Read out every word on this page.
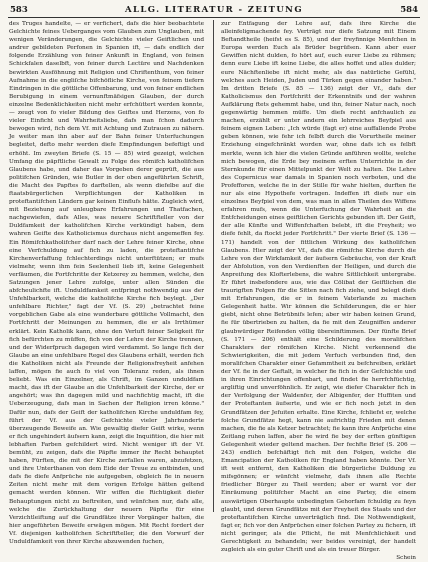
583	ALLG. LITERATUR - ZEITUNG	584

des Truges handelte, — er verfichert, dafs die hier beobachtete Gelchichte feines Ueberganges vom Glauben zum Unglauben, mit wenigen Veränderungen, die Gelchichte vieler Geiftlichen und andrer gebildeten Perfonen in Spanien ift, — dafs endlich der folgende Erzählung von feiner Ankunft in England, von feinen Schickfalen daselbft, von feiner durch Lectüre und Nachdenken bewirkten Ausföhnung mit Religion und Chriftenthum, von feiner Aufnahme in die engliſche bifchöfliche Kirche, von feinem tiefern Eindringen in die göttliche Offenbarung, und von feiner endlichen Berubigung in einem vernunftmäfsigen Glauben, der durch einzelne Bedenklichkeiten nicht mehr erfchüttert werden konnte, — zeugt von fo vieler Bildung des Geiftes und Herzens, von fo vieler Einficht und Wahrheitsliebe, dafs man fchon dadurch bewogen wird, fich dem Vf. mit Achtung und Zutrauen zu nähern. Je weiter man ihn aber auf der Bahn feiner Unterfuchungen begleitet, defto mehr werden diefe Empfindungen befeftigt und erhöht. Im zweyten Briefe (S. 15 — 85) wird gezeigt, welchen Umfang die päpftliche Gewalt zu Folge des römifch katholifchen Glaubens habe, und daher das Vorgeben derer geprüft, die aus politifchen Gründen, wie Butler in der oben angeführten Schrift, die Macht des Papftes fo darftellen, als wenn diefelbe auf die ftaatsbürgerlichen Verpflichtungen der Katholiken in proteftantifchen Ländern gar keinen Einflufs hätte. Zugleich wird, mit Beziehung auf unleugbare Erfahrungen und Thatfachen, nachgewiefen, dafs Alles, was neuere Schriftfteller von der Duldfamkeit der katholifchen Kirche verkündigt haben, dem wahren Geifte des Katholicismus durchaus nicht angemeffen fey. Ein Römifchkatholifcher darf nach der Lehre feiner Kirche, ohne eine Verfchuldung auf fich zu laden, die proteftantifche Kirchenverfaffung fchlechterdings nicht unterftützen; er mufs vielmehr, wenn ihm fein Seelenheil lieb ift, keine Gelegenheit verfäumen, die Fortfchritte der Ketzerey zu hemmen, welche, den Satzungen jener Lehre zufolge, unter allen Sünden die abfcheulichfte ift. Unduldfamkeit entfpringt nothwendig aus der Unfehlbarkeit, welche die katholifche Kirche fich beylegt. „Der unfehlbare Richter," fagt der Vf. (S. 29) „betrachtet feine vorgeblichen Gabe als eine wunderbare göttliche Vollmacht, den Fortfchritt der Meinungen zu hemmen, die er als Irrthümer erklärt. Kein Katholik kann, ohne den Verluft feiner Seligkeit für fich befürchten zu müffen, fich von der Lehre der Kirche trennen, und der Widerfpruch dagegen wird verdammt. So lange fich der Glaube an eine unfehlbare Regel des Glaubens erhält, werden fich die Katholiken nicht als Freunde der Religionsfreyheit anfehen laffen, mögen fie auch fo viel von Toleranz reden, als ihnen beliebt. Was ein Einzelner, als Chrift, im Ganzen unduldfam macht, das ift der Glaube an die Unfehlbarkeit der Kirche, der er angehört; was ihn dagegen mild und nachfichtig macht, ift die Ueberzeugung, dafs man in Sachen der Religion irren könne." Dafür nun, dafs der Geift der katholifchen Kirche unduldfam fey, führt der Vf. aus der Gefchichte vieler Jahrhunderte überzeugende Beweife an. Wie gewaltig diefer Geift wirke, wenn er fich ungehindert äufsern kann, zeigt die Inquifition, die hier mit lebhaften Farben gefchildert wird. Nicht weniger ift der Vf. bemüht, zu zeigen, dafs die Päpfte immer ihr Recht behauptet haben, Fürften, die mit der Kirche zerfallen waren, abzufetzen, und ihre Unterthanen von dem Eide der Treue zu entbinden, und dafs fie diefe Anfprüche nie aufgegeben, obgleich fie in neuern Zeiten nicht mehr mit dem vorigen Erfolge hätten geltend gemacht werden können. Wir wiffen die Richtigkeit diefer Behauptungen nicht zu beftreiten, und wünfchen nur, dafs alle, welche die Zurückhaltung der neuern Päpfte für eine Verzichtleiftung auf die Grundfätze ihrer Vorgänger halten, die hier angeführten Beweife erwägen mögen. Mit Recht fordert der Vf. diejenigen katholifchen Schriftfteller, die den Vorwurf der Unduldfamkeit von ihrer Kirche abzuwenden fuchen,

zur Entfagung der Lehre auf, dafs ihre Kirche die alleinfeligmachende fey. Verträgt nur diefe Satzung mit Einem Beftandtheile (heifst es S. 85), und der freyfinnige Menfchen in Europa werden Euch als Brüder begrüfsen. Kann aber euer Gewiffen nicht dulden, fo hört auf, euch eurer Liebe zu rühmen; denn eure Liebe ift keine Liebe, die alles hoffet und alles dulder; eure Nächftenliebe ift nicht mehr, als das natürliche Gefühl, welches auch Heiden, Juden und Türken gegen einander haben." Im dritten Briefe (S. 85 — 136) zeigt der Vf., dafs der Katholicismus den Fortfchritt der Erkenntnifs und der wahren Aufklärung ftets gehemmt habe, und ihn, feiner Natur nach, noch gegenwärtig hemmen müffe. Um diefs recht anfchaulich zu machen, erzählt er unter andern ein lehrreiches Beyfpiel aus feinem eignen Leben: „Ich würde (fagt er) eine auffallende Probe geben können, wie fehr ich felbft durch die Vorurtheile meiner Erziehung eingefchränkt worden war, ohne dafs ich es felbft merkte, wenn ich hier die vielen Gründe anführen wollte, welche mich bewogen, die Erde bey meinem erften Unterrichte in der Sternkunde für einen Mittelpunkt der Welt zu halten. Die Lehre des Copernicus war damals in Spanien noch verboten, und die Profefforen, welche fie in der Stille für wahr hielten, durften fie nur als eine Hypothefe vortragen. Indeffen ift diefs nur ein einzelnes Beyfpiel von dem, was man in allen Theilen des Wiffens erfahren mufs, wenn die Unterfuchung der Wahrheit an die Entfcheidungen eines geiftlichen Gerichts gebunden ift. Der Geift, der alle Künfte und Wiffenfchaften belebt, ift die Freyheit; wo diefe fehlt, da ftockt jeder Fortfchritt." Der vierte Brief (S. 136 — 171) handelt von der fittlichen Wirkung des katholifchen Glaubens. Hier zeigt der Vf., dafs die römifche Kirche durch die Lehre von der Wirkfamkeit der äufsern Gebräuche, von der Kraft der Abfolution, von den Verdienften der Heiligen, und durch die Anpreifung des Klofterlebens, die wahre Sittlichkeit untergrabe. Er führt insbefondere aus, wie das Cölibat der Geiftlichen die traurigften Folgen für die Sitten nach fich ziehe, und belegt diefs mit Erfahrungen, die er in feinem Vaterlande zu machen Gelegenheit hatte. Wir können die Schilderungen, die er hier giebt, nicht ohne Betrübnifs lefen; aber wir haben keinen Grund, fie für übertrieben zu halten, da fie mit den Zeugniffen anderer glaubwürdiger Reifenden völlig übereinftimmen. Der fünfte Brief (S. 171 — 206) enthält eine Schilderung des moralifchen Charakters der römifchen Kirche. Nicht verkennend die Schwierigkeiten, die mit jedem Verfuch verbunden find, den moralifchen Charakter einer Gefammtheit zu befchreiben, erklärt der Vf. fie in der Geftalt, in welcher fie fich in der Gefchichte und in ihren Einrichtungen offenbart, und findet fie herrfchfüchtig, argliftig und unverföhnlich. Er zeigt, wie diefer Charakter fich in der Verfolgung der Waldenfer, der Albigenfer, der Huffiten und der Proteftanten äufserte, und wie er fich noch jetzt in den Grundfätzen der Jefuiten erhalte. Eine Kirche, fchliefst er, welche folche Grundfätze hegt, kann nie aufrichtig Frieden mit denen machen, die fie als Ketzer betrachtet; fie kann ihre Anfprüche eine Zeitlang ruhen laffen, aber fie wird fie bey der erften günftigen Gelegenheit wieder geltend machen. Der fechfte Brief (S. 206 — 243) endlich befchäftigt fich mit den Folgen, welche die Emancipation der Katholiken für England haben könnte. Der Vf. ift weit entfernt, den Katholiken die bürgerliche Duldung zu mifsgönnen; er wünfcht vielmehr, dafs ihnen alle Rechte friedlicher Bürger zu Theil werden; aber er warnt vor der Einräumung politifcher Macht an eine Partey, die einem auswärtigen Oberhaupte unbedingten Gehorfam fchuldig zu feyn glaubt, und deren Grundfätze mit der Freyheit des Staats und der proteftantifchen Kirche unverträglich find. Die Nothwendigkeit, fagt er, fich vor den Anfprüchen einer folchen Partey zu fichern, ift nicht geringer, als die Pflicht, fie mit Menfchlichkeit und Gerechtigkeit zu behandeln; wer beides vereinigt, der handelt zugleich als ein guter Chrift und als ein treuer Bürger.

Schein
